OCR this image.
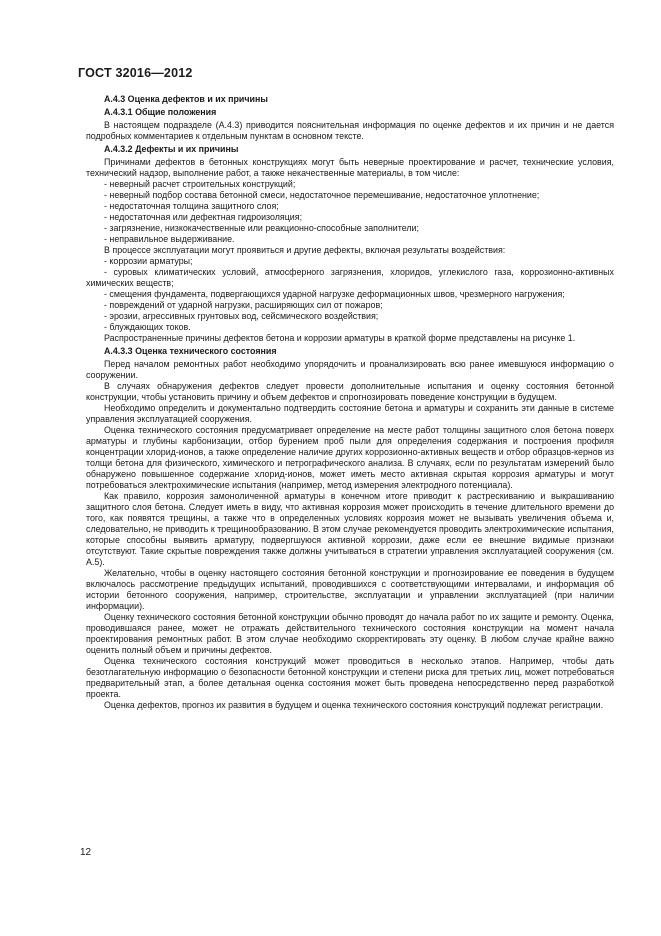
ГОСТ 32016—2012
А.4.3 Оценка дефектов и их причины
А.4.3.1 Общие положения
В настоящем подразделе (А.4.3) приводится пояснительная информация по оценке дефектов и их причин и не дается подробных комментариев к отдельным пунктам в основном тексте.
А.4.3.2 Дефекты и их причины
Причинами дефектов в бетонных конструкциях могут быть неверные проектирование и расчет, технические условия, технический надзор, выполнение работ, а также некачественные материалы, в том числе:
- неверный расчет строительных конструкций;
- неверный подбор состава бетонной смеси, недостаточное перемешивание, недостаточное уплотнение;
- недостаточная толщина защитного слоя;
- недостаточная или дефектная гидроизоляция;
- загрязнение, низкокачественные или реакционно-способные заполнители;
- неправильное выдерживание.
В процессе эксплуатации могут проявиться и другие дефекты, включая результаты воздействия:
- коррозии арматуры;
- суровых климатических условий, атмосферного загрязнения, хлоридов, углекислого газа, коррозионно-активных химических веществ;
- смещения фундамента, подвергающихся ударной нагрузке деформационных швов, чрезмерного нагружения;
- повреждений от ударной нагрузки, расширяющих сил от пожаров;
- эрозии, агрессивных грунтовых вод, сейсмического воздействия;
- блуждающих токов.
Распространенные причины дефектов бетона и коррозии арматуры в краткой форме представлены на рисунке 1.
А.4.3.3 Оценка технического состояния
Перед началом ремонтных работ необходимо упорядочить и проанализировать всю ранее имевшуюся информацию о сооружении.
В случаях обнаружения дефектов следует провести дополнительные испытания и оценку состояния бетонной конструкции, чтобы установить причину и объем дефектов и спрогнозировать поведение конструкции в будущем.
Необходимо определить и документально подтвердить состояние бетона и арматуры и сохранить эти данные в системе управления эксплуатацией сооружения.
Оценка технического состояния предусматривает определение на месте работ толщины защитного слоя бетона поверх арматуры и глубины карбонизации, отбор бурением проб пыли для определения содержания и построения профиля концентрации хлорид-ионов, а также определение наличие других коррозионно-активных веществ и отбор образцов-кернов из толщи бетона для физического, химического и петрографического анализа. В случаях, если по результатам измерений было обнаружено повышенное содержание хлорид-ионов, может иметь место активная скрытая коррозия арматуры и могут потребоваться электрохимические испытания (например, метод измерения электродного потенциала).
Как правило, коррозия замоноличенной арматуры в конечном итоге приводит к растрескиванию и выкрашиванию защитного слоя бетона. Следует иметь в виду, что активная коррозия может происходить в течение длительного времени до того, как появятся трещины, а также что в определенных условиях коррозия может не вызывать увеличения объема и, следовательно, не приводить к трещинообразованию. В этом случае рекомендуется проводить электрохимические испытания, которые способны выявить арматуру, подвергшуюся активной коррозии, даже если ее внешние видимые признаки отсутствуют. Такие скрытые повреждения также должны учитываться в стратегии управления эксплуатацией сооружения (см. А.5).
Желательно, чтобы в оценку настоящего состояния бетонной конструкции и прогнозирование ее поведения в будущем включалось рассмотрение предыдущих испытаний, проводившихся с соответствующими интервалами, и информация об истории бетонного сооружения, например, строительстве, эксплуатации и управлении эксплуатацией (при наличии информации).
Оценку технического состояния бетонной конструкции обычно проводят до начала работ по их защите и ремонту. Оценка, проводившаяся ранее, может не отражать действительного технического состояния конструкции на момент начала проектирования ремонтных работ. В этом случае необходимо скорректировать эту оценку. В любом случае крайне важно оценить полный объем и причины дефектов.
Оценка технического состояния конструкций может проводиться в несколько этапов. Например, чтобы дать безотлагательную информацию о безопасности бетонной конструкции и степени риска для третьих лиц, может потребоваться предварительный этап, а более детальная оценка состояния может быть проведена непосредственно перед разработкой проекта.
Оценка дефектов, прогноз их развития в будущем и оценка технического состояния конструкций подлежат регистрации.
12
